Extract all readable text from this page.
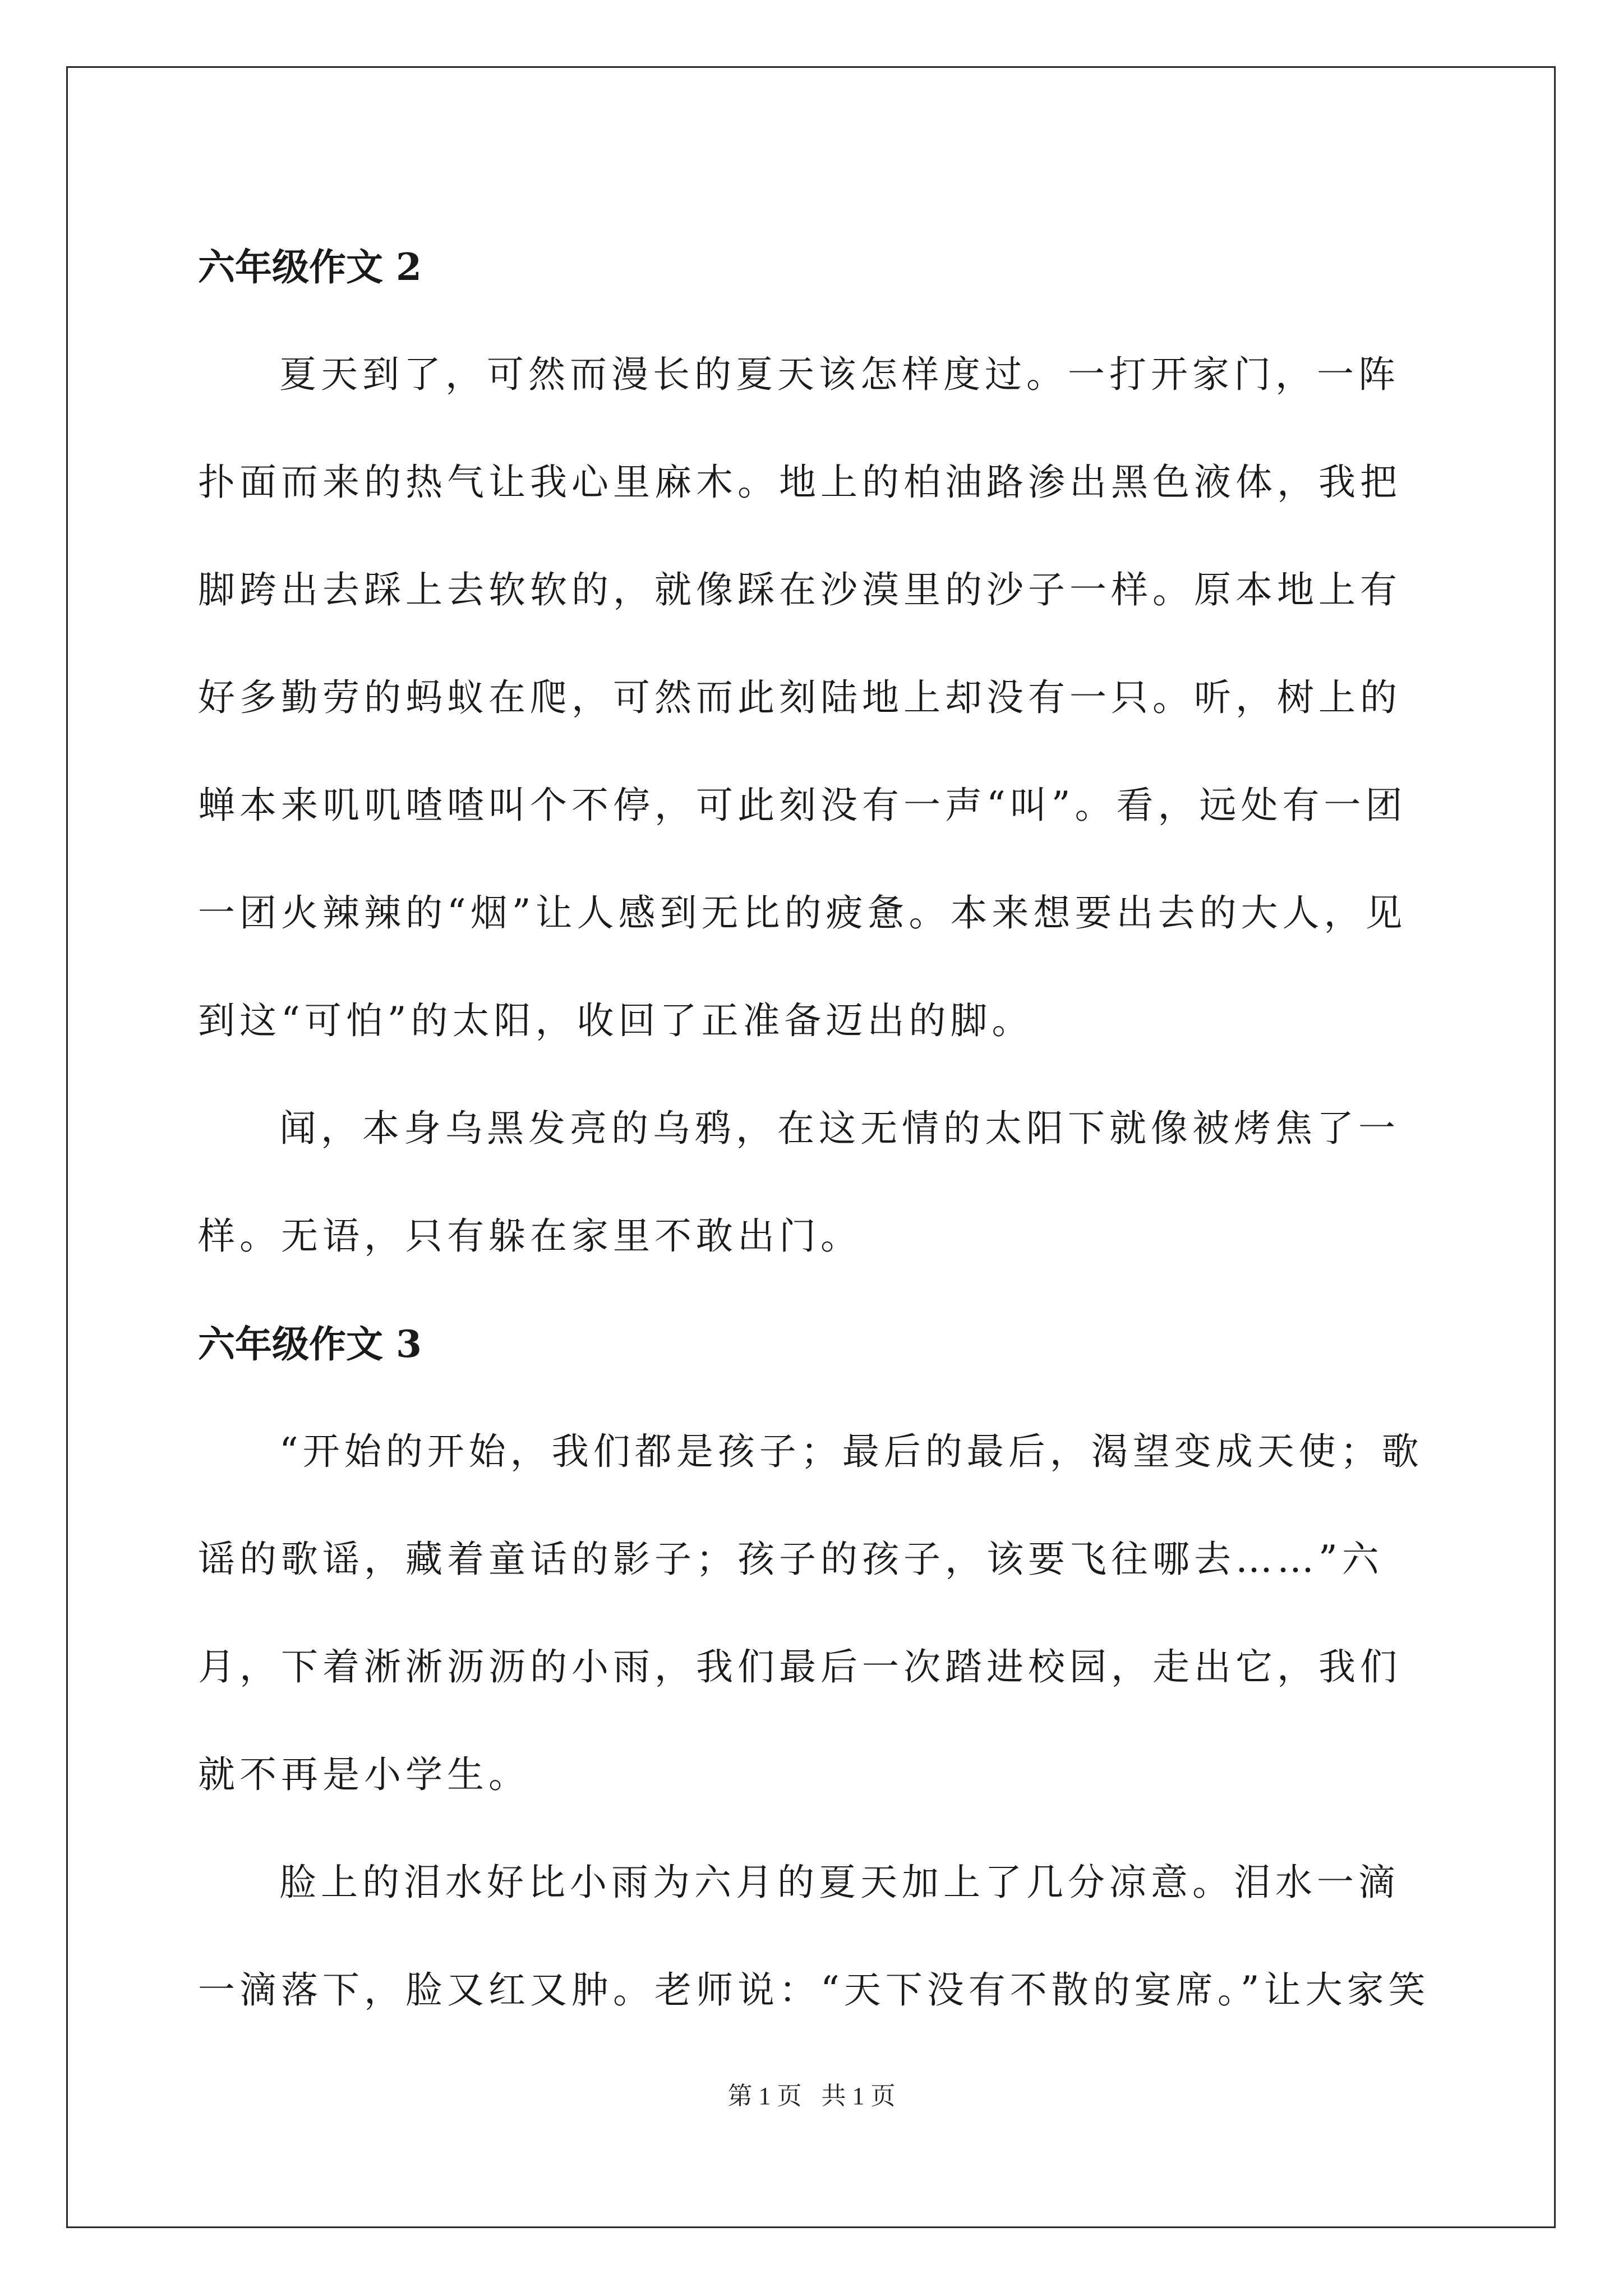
六年级作文 2

夏天到了，可然而漫长的夏天该怎样度过。一打开家门，一阵扑面而来的热气让我心里麻木。地上的柏油路渗出黑色液体，我把脚跨出去踩上去软软的，就像踩在沙漠里的沙子一样。原本地上有好多勤劳的蚂蚁在爬，可然而此刻陆地上却没有一只。听，树上的蝉本来叽叽喳喳叫个不停，可此刻没有一声“叫”。看，远处有一团一团火辣辣的“烟”让人感到无比的疲惫。本来想要出去的大人，见到这“可怕”的太阳，收回了正准备迈出的脚。

闻，本身乌黑发亮的乌鸦，在这无情的太阳下就像被烤焦了一样。无语，只有躲在家里不敢出门。

六年级作文 3

“开始的开始，我们都是孩子；最后的最后，渴望变成天使；歌谣的歌谣，藏着童话的影子；孩子的孩子，该要飞往哪去……”六月，下着淅淅沥沥的小雨，我们最后一次踏进校园，走出它，我们就不再是小学生。

脸上的泪水好比小雨为六月的夏天加上了几分凉意。泪水一滴一滴落下，脸又红又肿。老师说：“天下没有不散的宴席。”让大家笑

第 1 页 共 1 页
